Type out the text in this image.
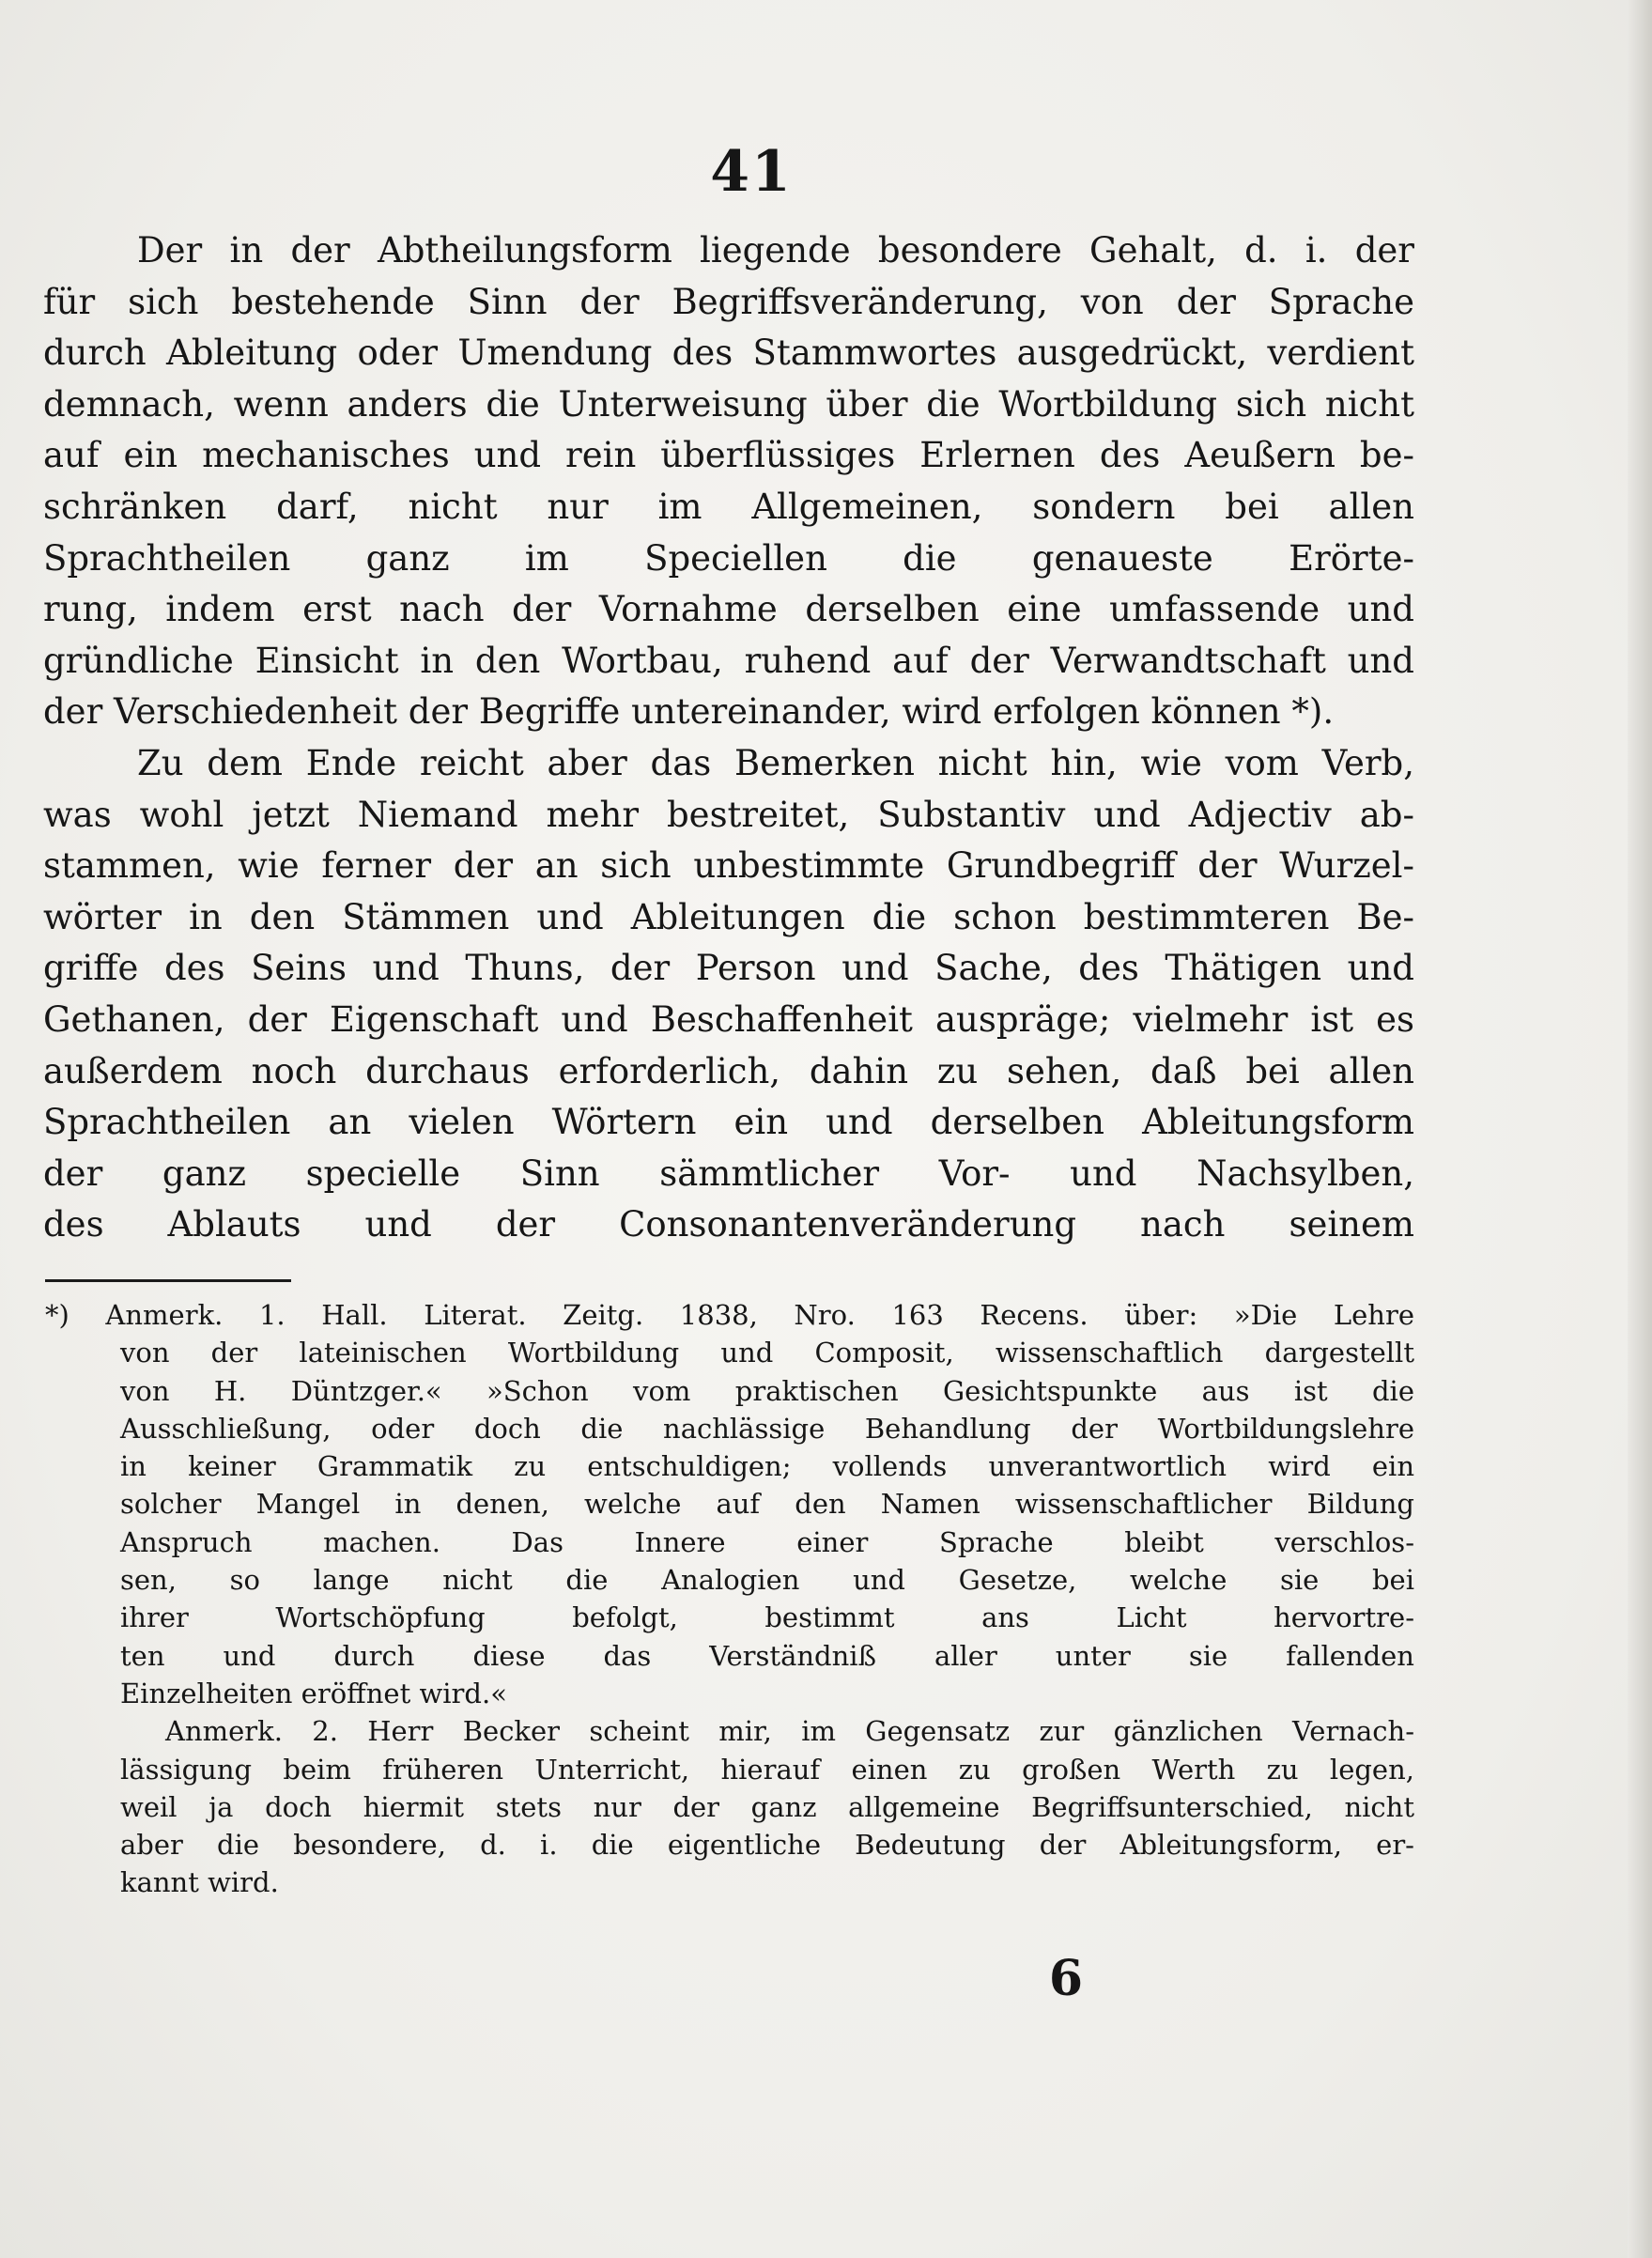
41
Der in der Abtheilungsform liegende besondere Gehalt, d. i. der
für sich bestehende Sinn der Begriffsveränderung, von der Sprache
durch Ableitung oder Umendung des Stammwortes ausgedrückt, verdient
demnach, wenn anders die Unterweisung über die Wortbildung sich nicht
auf ein mechanisches und rein überflüssiges Erlernen des Aeußern be-
schränken darf, nicht nur im Allgemeinen, sondern bei allen
Sprachtheilen ganz im Speciellen die genaueste Erörte-
rung, indem erst nach der Vornahme derselben eine umfassende und
gründliche Einsicht in den Wortbau, ruhend auf der Verwandtschaft und
der Verschiedenheit der Begriffe untereinander, wird erfolgen können *).
Zu dem Ende reicht aber das Bemerken nicht hin, wie vom Verb,
was wohl jetzt Niemand mehr bestreitet, Substantiv und Adjectiv ab-
stammen, wie ferner der an sich unbestimmte Grundbegriff der Wurzel-
wörter in den Stämmen und Ableitungen die schon bestimmteren Be-
griffe des Seins und Thuns, der Person und Sache, des Thätigen und
Gethanen, der Eigenschaft und Beschaffenheit auspräge; vielmehr ist es
außerdem noch durchaus erforderlich, dahin zu sehen, daß bei allen
Sprachtheilen an vielen Wörtern ein und derselben Ableitungsform
der ganz specielle Sinn sämmtlicher Vor- und Nachsylben,
des Ablauts und der Consonantenveränderung nach seinem
*) Anmerk. 1. Hall. Literat. Zeitg. 1838, Nro. 163 Recens. über: »Die Lehre
von der lateinischen Wortbildung und Composit, wissenschaftlich dargestellt
von H. Düntzger.« »Schon vom praktischen Gesichtspunkte aus ist die
Ausschließung, oder doch die nachlässige Behandlung der Wortbildungslehre
in keiner Grammatik zu entschuldigen; vollends unverantwortlich wird ein
solcher Mangel in denen, welche auf den Namen wissenschaftlicher Bildung
Anspruch machen. Das Innere einer Sprache bleibt verschlos-
sen, so lange nicht die Analogien und Gesetze, welche sie bei
ihrer Wortschöpfung befolgt, bestimmt ans Licht hervortre-
ten und durch diese das Verständniß aller unter sie fallenden
Einzelheiten eröffnet wird.«
Anmerk. 2. Herr Becker scheint mir, im Gegensatz zur gänzlichen Vernach-
lässigung beim früheren Unterricht, hierauf einen zu großen Werth zu legen,
weil ja doch hiermit stets nur der ganz allgemeine Begriffsunterschied, nicht
aber die besondere, d. i. die eigentliche Bedeutung der Ableitungsform, er-
kannt wird.
6
